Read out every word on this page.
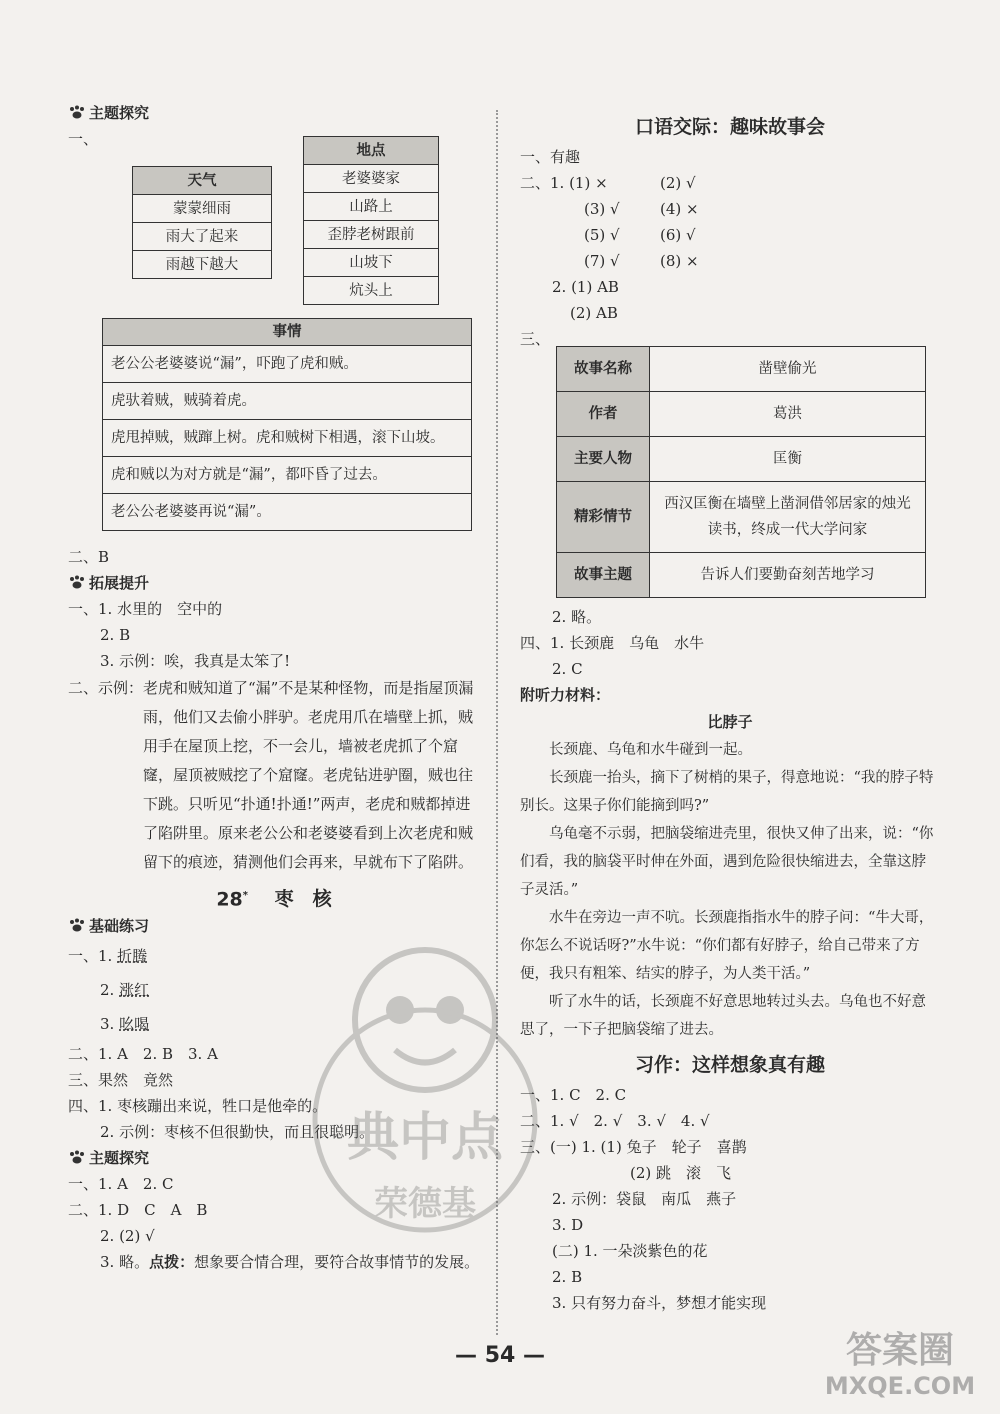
主题探究
一、
天气
蒙蒙细雨
雨大了起来
雨越下越大
地点
老婆婆家
山路上
歪脖老树跟前
山坡下
炕头上
事情
老公公老婆婆说“漏”，吓跑了虎和贼。
虎驮着贼，贼骑着虎。
虎甩掉贼，贼蹿上树。虎和贼树下相遇，滚下山坡。
虎和贼以为对方就是“漏”，都吓昏了过去。
老公公老婆婆再说“漏”。
二、B
拓展提升
一、1. 水里的　空中的
2. B
3. 示例：唉，我真是太笨了!
二、示例： 老虎和贼知道了“漏”不是某种怪物，而是指屋顶漏雨，他们又去偷小胖驴。老虎用爪在墙壁上抓，贼用手在屋顶上挖，不一会儿，墙被老虎抓了个窟窿，屋顶被贼挖了个窟窿。老虎钻进驴圈，贼也往下跳。只听见“扑通!扑通!”两声，老虎和贼都掉进了陷阱里。原来老公公和老婆婆看到上次老虎和贼留下的痕迹，猜测他们会再来，早就布下了陷阱。
28* 枣　核
基础练习
一、1. 折腾
2. 涨红
3. 吆喝
二、1. A　2. B　3. A
三、果然　竟然
四、1. 枣核蹦出来说，牲口是他牵的。
2. 示例：枣核不但很勤快，而且很聪明。
主题探究
一、1. A　2. C
二、1. D　C　A　B
2. (2) √
3. 略。点拨：想象要合情合理，要符合故事情节的发展。
口语交际：趣味故事会
一、有趣
二、1. (1) ×	(2) √
(3) √	(4) ×
(5) √	(6) √
(7) √	(8) ×
2. (1) AB
(2) AB
三、
故事名称	凿壁偷光
作者	葛洪
主要人物	匡衡
精彩情节	西汉匡衡在墙壁上凿洞借邻居家的烛光读书，终成一代大学问家
故事主题	告诉人们要勤奋刻苦地学习
2. 略。
四、1. 长颈鹿　乌龟　水牛
2. C
附听力材料：
比脖子

长颈鹿、乌龟和水牛碰到一起。

长颈鹿一抬头，摘下了树梢的果子，得意地说：“我的脖子特别长。这果子你们能摘到吗?”

乌龟毫不示弱，把脑袋缩进壳里，很快又伸了出来，说：“你们看，我的脑袋平时伸在外面，遇到危险很快缩进去，全靠这脖子灵活。”

水牛在旁边一声不吭。长颈鹿指指水牛的脖子问：“牛大哥，你怎么不说话呀?”水牛说：“你们都有好脖子，给自己带来了方便，我只有粗笨、结实的脖子，为人类干活。”

听了水牛的话，长颈鹿不好意思地转过头去。乌龟也不好意思了，一下子把脑袋缩了进去。

习作：这样想象真有趣
一、1. C　2. C
二、1. √　2. √　3. √　4. √
三、(一) 1. (1) 兔子　轮子　喜鹊
(2) 跳　滚　飞
2. 示例：袋鼠　南瓜　燕子
3. D
(二) 1. 一朵淡紫色的花
2. B
3. 只有努力奋斗，梦想才能实现
典中点
荣德基
— 54 —	答案圈
MXQE.COM
